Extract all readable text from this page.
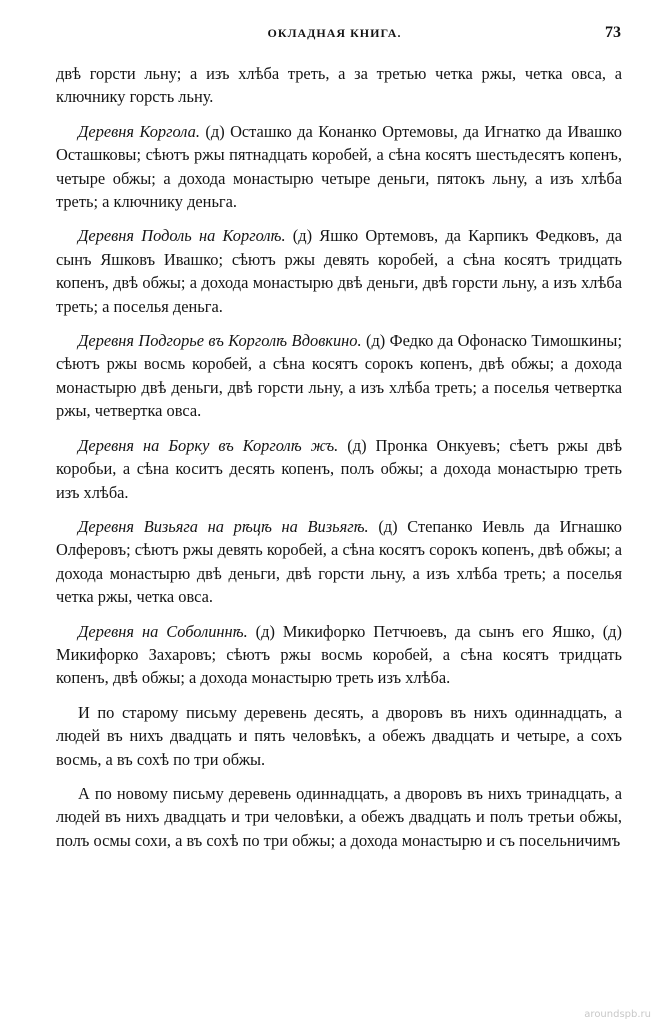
ОКЛАДНАЯ КНИГА.	73

двѣ горсти льну; а изъ хлѣба треть, а за третью четка ржы, четка овса, а ключнику горсть льну.

Деревня Коргола. (д) Осташко да Конанко Ортемовы, да Игнатко да Ивашко Осташковы; сѣютъ ржы пятнадцать коробей, а сѣна косятъ шестьдесятъ копенъ, четыре обжы; а дохода монастырю четыре деньги, пятокъ льну, а изъ хлѣба треть; а ключнику деньга.

Деревня Подоль на Корголѣ. (д) Яшко Ортемовъ, да Карпикъ Федковъ, да сынъ Яшковъ Ивашко; сѣютъ ржы девять коробей, а сѣна косятъ тридцать копенъ, двѣ обжы; а дохода монастырю двѣ деньги, двѣ горсти льну, а изъ хлѣба треть; а поселья деньга.

Деревня Подгорье въ Корголѣ Вдовкино. (д) Федко да Офонаско Тимошкины; сѣютъ ржы восмь коробей, а сѣна косятъ сорокъ копенъ, двѣ обжы; а дохода монастырю двѣ деньги, двѣ горсти льну, а изъ хлѣба треть; а поселья четвертка ржы, четвертка овса.

Деревня на Борку въ Корголѣ жъ. (д) Пронка Онкуевъ; сѣетъ ржы двѣ коробьи, а сѣна коситъ десять копенъ, полъ обжы; а дохода монастырю треть изъ хлѣба.

Деревня Визьяга на рѣцѣ на Визьягѣ. (д) Степанко Иевль да Игнашко Олферовъ; сѣютъ ржы девять коробей, а сѣна косятъ сорокъ копенъ, двѣ обжы; а дохода монастырю двѣ деньги, двѣ горсти льну, а изъ хлѣба треть; а поселья четка ржы, четка овса.

Деревня на Соболиннѣ. (д) Микифорко Петчюевъ, да сынъ его Яшко, (д) Микифорко Захаровъ; сѣютъ ржы восмь коробей, а сѣна косятъ тридцать копенъ, двѣ обжы; а дохода монастырю треть изъ хлѣба.

И по старому письму деревень десять, а дворовъ въ нихъ одиннадцать, а людей въ нихъ двадцать и пять человѣкъ, а обежъ двадцать и четыре, а сохъ восмь, а въ сохѣ по три обжы.

А по новому письму деревень одиннадцать, а дворовъ въ нихъ тринадцать, а людей въ нихъ двадцать и три человѣки, а обежъ двадцать и полъ третьи обжы, полъ осмы сохи, а въ сохѣ по три обжы; а дохода монастырю и съ посельничимъ

aroundspb.ru
